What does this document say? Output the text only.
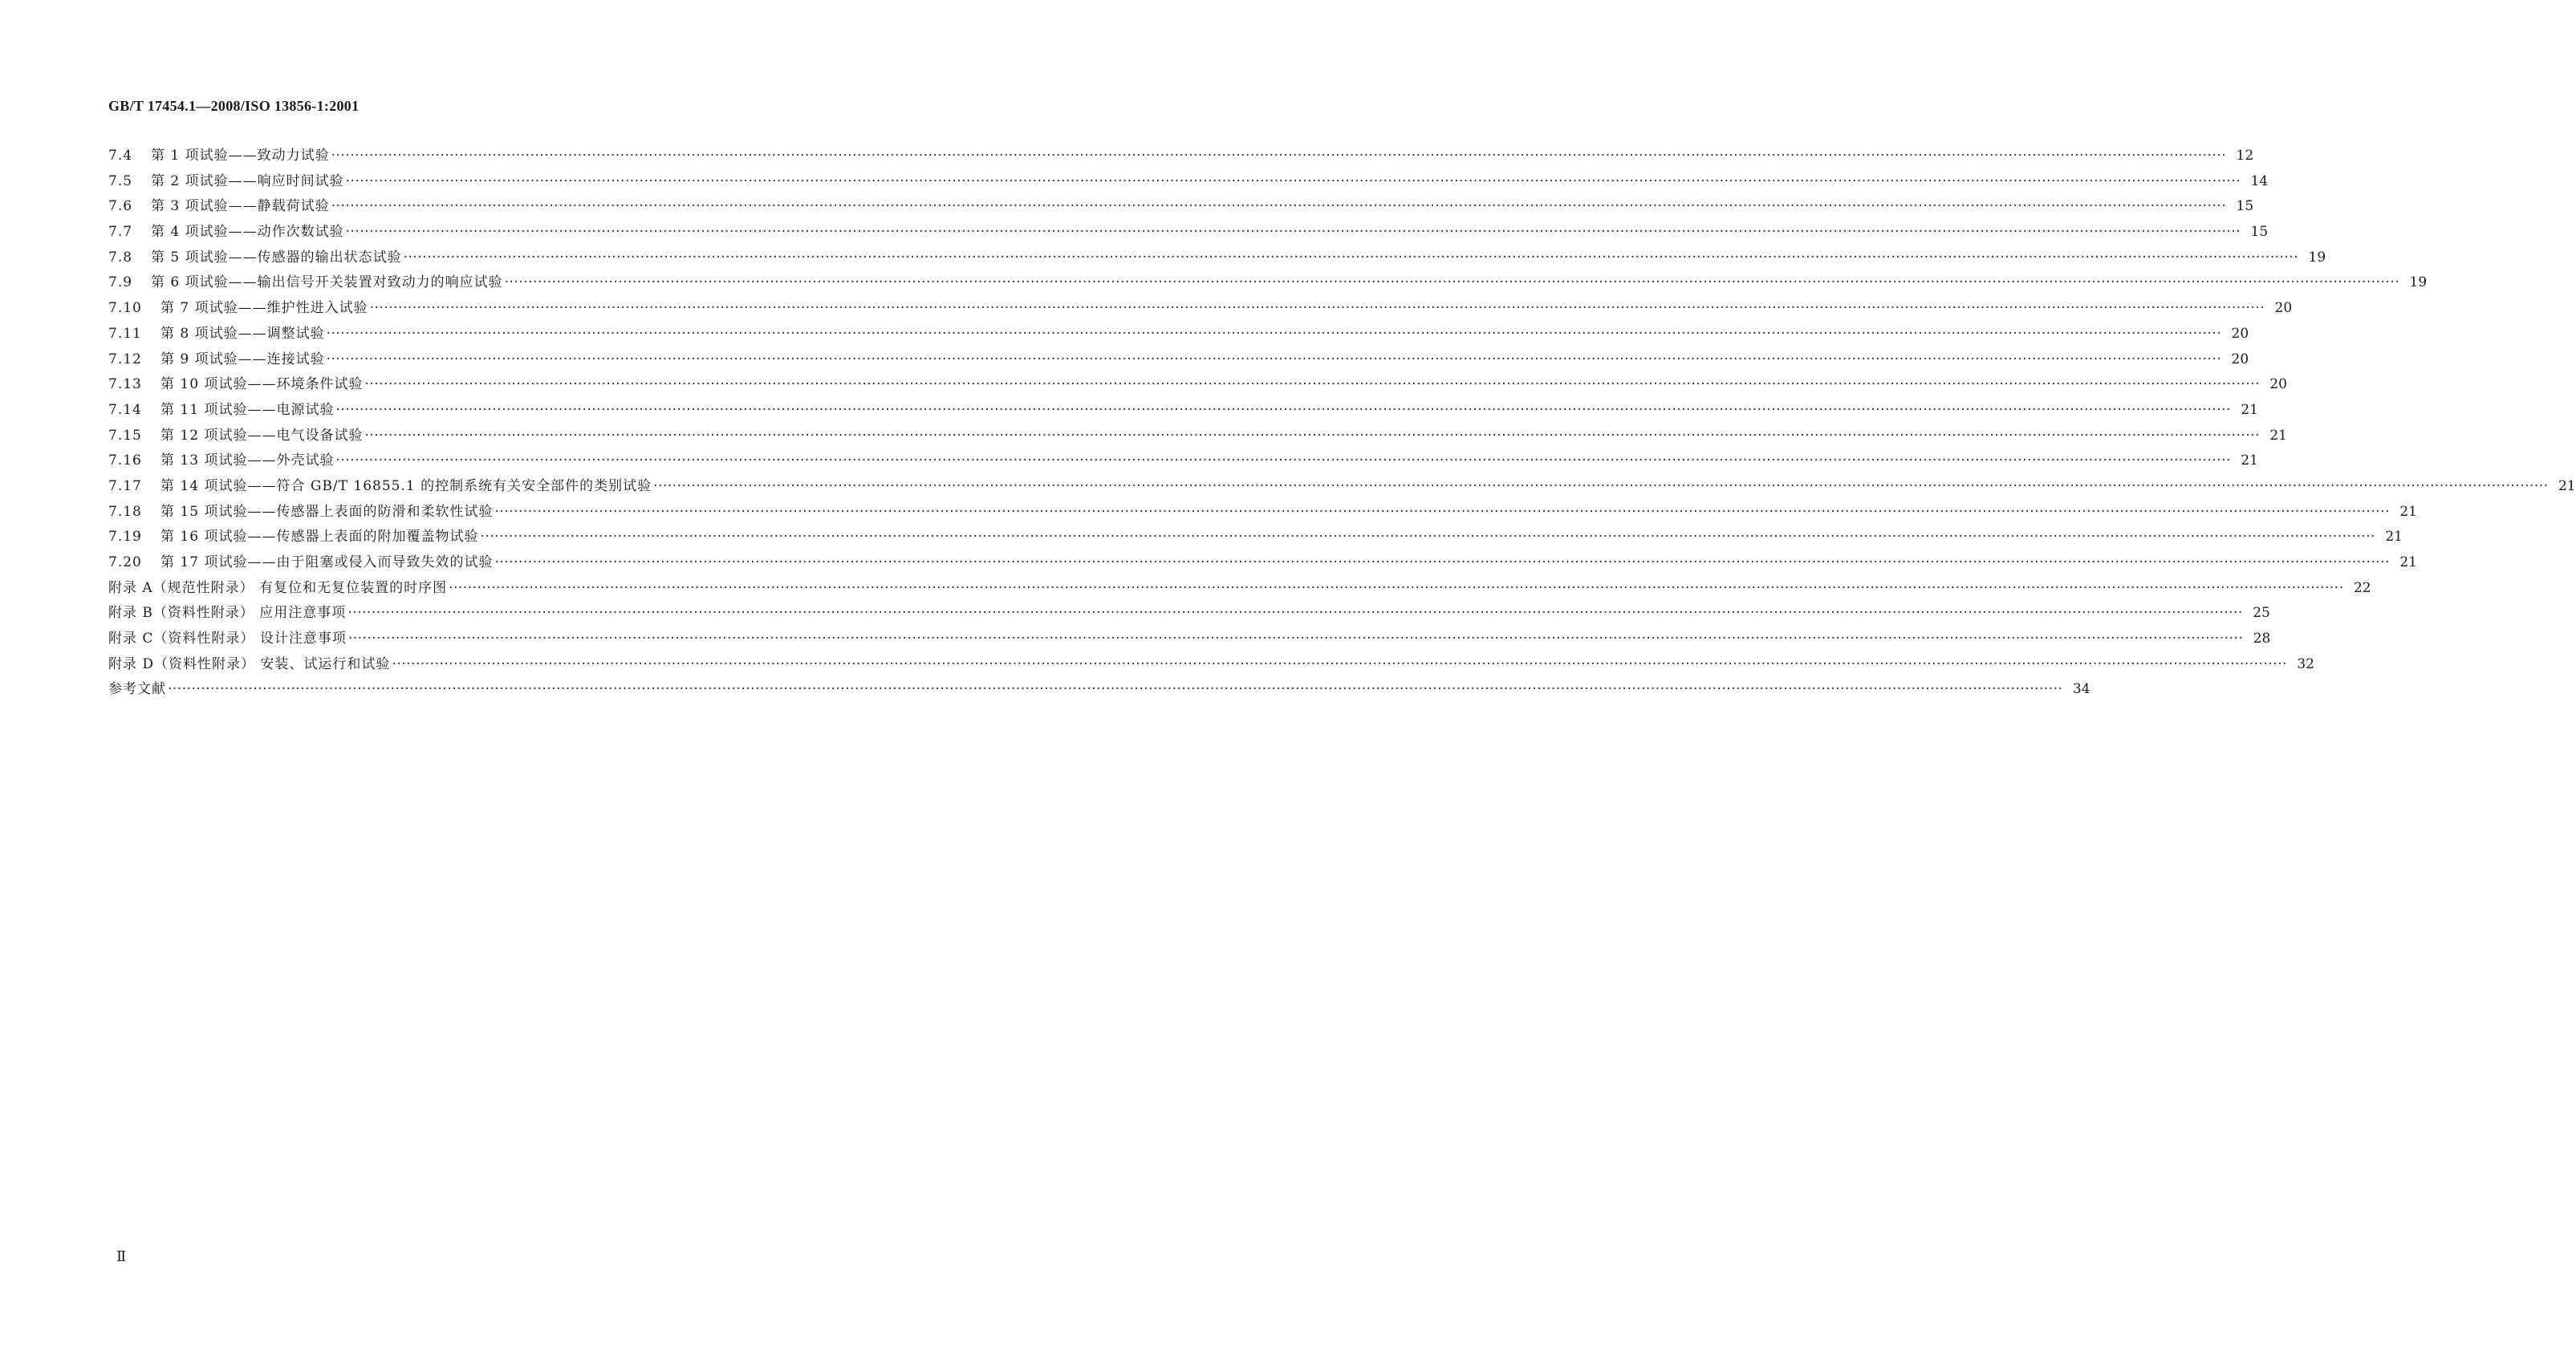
GB/T 17454.1—2008/ISO 13856-1:2001
7.4	第 1 项试验——致动力试验 ················································································································································································································································································································································································································ 12
7.5	第 2 项试验——响应时间试验 ················································································································································································································································································································································································································ 14
7.6	第 3 项试验——静载荷试验 ················································································································································································································································································································································································································ 15
7.7	第 4 项试验——动作次数试验 ················································································································································································································································································································································································································ 15
7.8	第 5 项试验——传感器的输出状态试验 ················································································································································································································································································································································································································ 19
7.9	第 6 项试验——输出信号开关装置对致动力的响应试验 ················································································································································································································································································································································································································ 19
7.10	第 7 项试验——维护性进入试验 ················································································································································································································································································································································································································ 20
7.11	第 8 项试验——调整试验 ················································································································································································································································································································································································································ 20
7.12	第 9 项试验——连接试验 ················································································································································································································································································································································································································ 20
7.13	第 10 项试验——环境条件试验 ················································································································································································································································································································································································································ 20
7.14	第 11 项试验——电源试验 ················································································································································································································································································································································································································ 21
7.15	第 12 项试验——电气设备试验 ················································································································································································································································································································································································································ 21
7.16	第 13 项试验——外壳试验 ················································································································································································································································································································································································································ 21
7.17	第 14 项试验——符合 GB/T 16855.1 的控制系统有关安全部件的类别试验 ················································································································································································································································································································································································································ 21
7.18	第 15 项试验——传感器上表面的防滑和柔软性试验 ················································································································································································································································································································································································································ 21
7.19	第 16 项试验——传感器上表面的附加覆盖物试验 ················································································································································································································································································································································································································ 21
7.20	第 17 项试验——由于阻塞或侵入而导致失效的试验 ················································································································································································································································································································································································································ 21
附录 A（规范性附录） 有复位和无复位装置的时序图 ················································································································································································································································································································································································································ 22
附录 B（资料性附录） 应用注意事项 ················································································································································································································································································································································································································ 25
附录 C（资料性附录） 设计注意事项 ················································································································································································································································································································································································································ 28
附录 D（资料性附录） 安装、试运行和试验 ················································································································································································································································································································································································································ 32
参考文献 ················································································································································································································································································································································································································ 34
Ⅱ
